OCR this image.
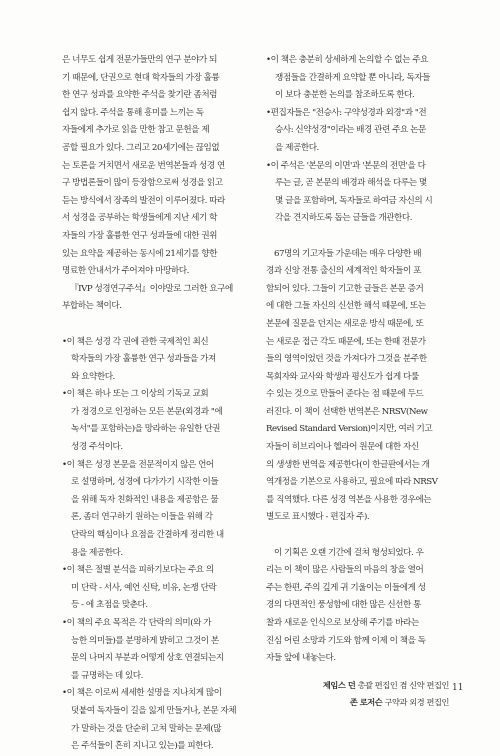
은 너무도 쉽게 전문가들만의 연구 분야가 되
기 때문에, 단권으로 현대 학자들의 가장 훌륭
한 연구 성과를 요약한 주석을 찾기란 좀처럼
쉽지 않다. 주석을 통해 흥미를 느끼는 독
자들에게 추가로 읽을 만한 참고 문헌을 제
공할 필요가 있다. 그리고 20세기에는 끊임없
는 토론을 거치면서 새로운 번역본들과 성경 연
구 방법론들이 많이 등장함으로써 성경을 읽고
듣는 방식에서 장족의 발전이 이루어졌다. 따라
서 성경을 공부하는 학생들에게 지난 세기 학
자들의 가장 훌륭한 연구 성과들에 대한 권위
있는 요약을 제공하는 동시에 21세기를 향한
명료한 안내서가 주어져야 마땅하다.
『IVP 성경연구주석』이야말로 그러한 요구에
부합하는 책이다.
•이 책은 성경 각 권에 관한 국제적인 최신
학자들의 가장 훌륭한 연구 성과들을 가져
와 요약한다.
•이 책은 하나 또는 그 이상의 기독교 교회
가 정경으로 인정하는 모든 본문(외경과 "에
녹서"를 포함하는)을 망라하는 유일한 단권
성경 주석이다.
•이 책은 성경 본문을 전문적이지 않은 언어
로 설명하며, 성경에 다가가기 시작한 이들
을 위해 독자 친화적인 내용을 제공함은 물
론, 좀더 연구하기 원하는 이들을 위해 각
단락의 핵심이나 요점을 간결하게 정리한 내
용을 제공한다.
•이 책은 절별 분석을 피하기보다는 주요 의
미 단락 - 서사, 예언 신탁, 비유, 논쟁 단락
등 - 에 초점을 맞춘다.
•이 책의 주요 목적은 각 단락의 의미(와 가
능한 의미들)를 분명하게 밝히고 그것이 본
문의 나머지 부분과 어떻게 상호 연결되는지
를 규명하는 데 있다.
•이 책은 이로써 세세한 설명을 지나치게 많이
덧붙여 독자들이 길을 잃게 만들거나, 본문 자체
가 말하는 것을 단순히 고쳐 말하는 문제(많
은 주석들이 흔히 지니고 있는)를 피한다.
•이 책은 충분히 상세하게 논의할 수 없는 주요
쟁점들을 간결하게 요약할 뿐 아니라, 독자들
이 보다 충분한 논의를 참조하도록 한다.
•편집자들은 "전승사: 구약성경과 외경"과 "전
승사: 신약성경"이라는 배경 관련 주요 논문
을 제공한다.
•이 주석은 '본문의 이면'과 '본문의 전면'을 다
루는 글, 곧 본문의 배경과 해석을 다루는 몇
몇 글을 포함하며, 독자들로 하여금 자신의 시
각을 견지하도록 돕는 글들을 개관한다.
67명의 기고자들 가운데는 매우 다양한 배
경과 신앙 전통 출신의 세계적인 학자들이 포
함되어 있다. 그들이 기고한 글들은 본문 증거
에 대한 그들 자신의 신선한 해석 때문에, 또는
본문에 질문을 던지는 새로운 방식 때문에, 또
는 새로운 접근 각도 때문에, 또는 한때 전문가
들의 영역이었던 것을 가져다가 그것을 분주한
목회자와 교사와 학생과 평신도가 쉽게 다룰
수 있는 것으로 만들어 준다는 점 때문에 두드
러진다. 이 책이 선택한 번역본은 NRSV(New
Revised Standard Version)이지만, 여러 기고
자들이 히브리어나 헬라어 원문에 대한 자신
의 생생한 번역을 제공한다(이 한글판에서는 개
역개정을 기본으로 사용하고, 필요에 따라 NRSV
를 직역했다. 다른 성경 역본을 사용한 경우에는
별도로 표시했다 - 편집자 주).
이 기획은 오랜 기간에 걸쳐 형성되었다. 우
리는 이 책이 많은 사람들의 마음의 창을 열어
주는 한편, 주의 깊게 귀 기울이는 이들에게 성
경의 다면적인 풍성함에 대한 많은 신선한 통
찰과 새로운 인식으로 보상해 주기를 바라는
진심 어린 소망과 기도와 함께 이제 이 책을 독
자들 앞에 내놓는다.
제임스 던 총괄 편집인 겸 신약 편집인
존 로저슨 구약과 외경 편집인
11
